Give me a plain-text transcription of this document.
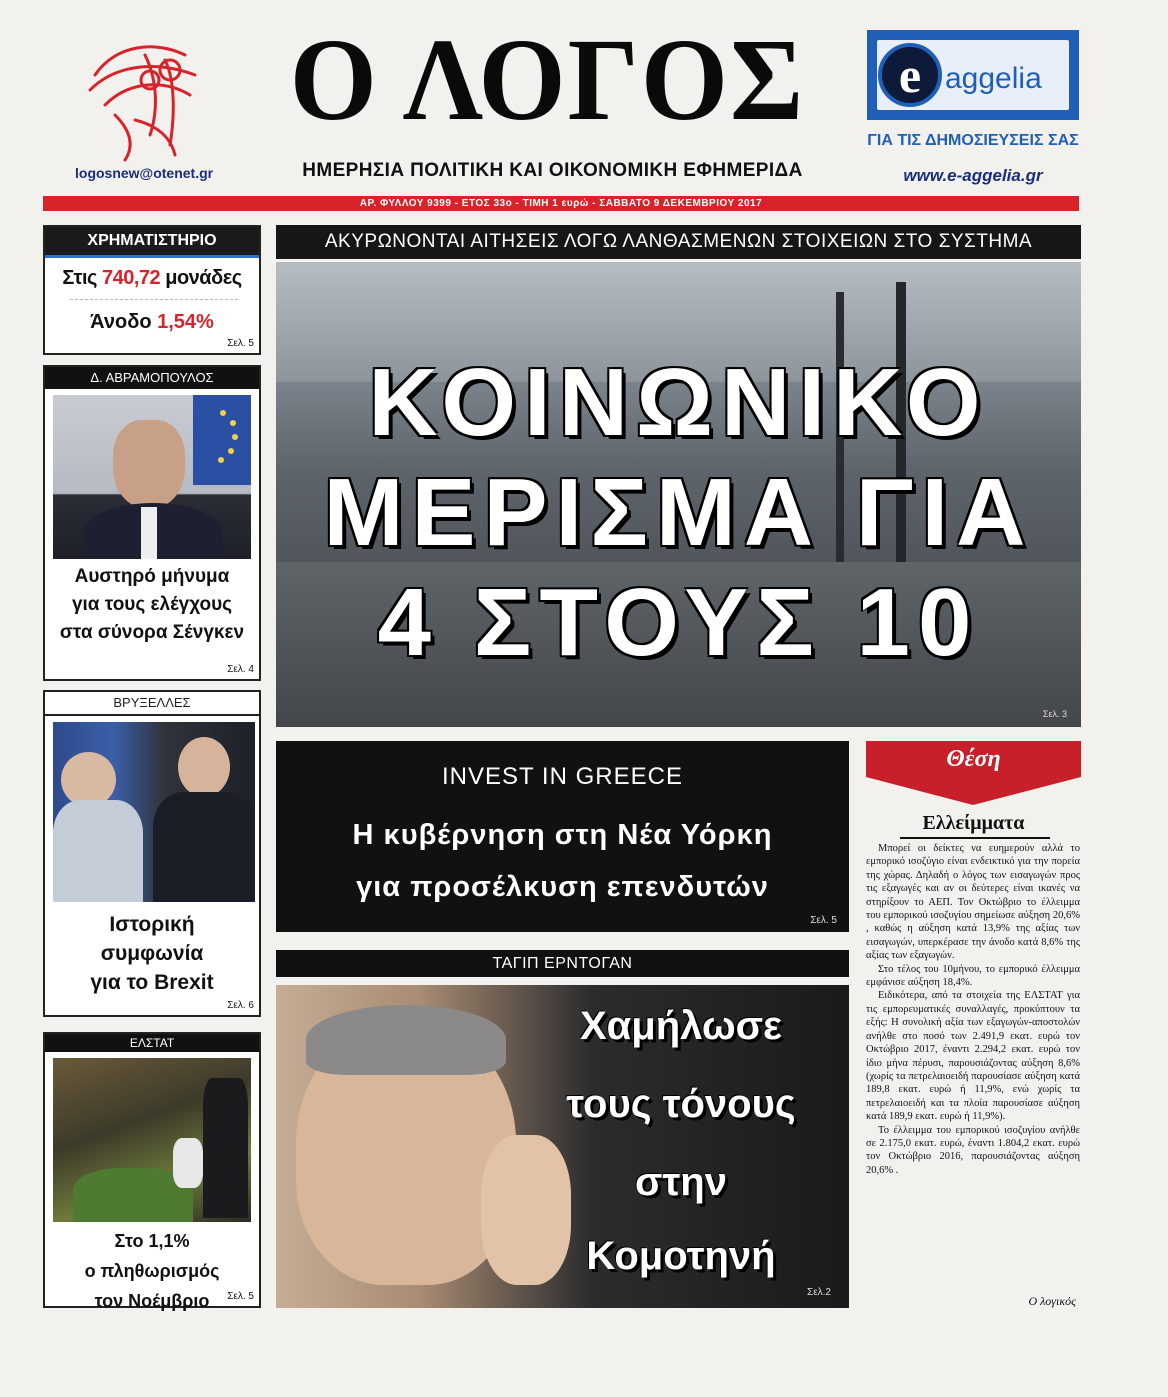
logosnew@otenet.gr
Ο ΛΟΓΟΣ
ΗΜΕΡΗΣΙΑ ΠΟΛΙΤΙΚΗ ΚΑΙ ΟΙΚΟΝΟΜΙΚΗ ΕΦΗΜΕΡΙΔΑ
e aggelia
ΓΙΑ ΤΙΣ ΔΗΜΟΣΙΕΥΣΕΙΣ ΣΑΣ
www.e-aggelia.gr
ΑΡ. ΦΥΛΛΟΥ 9399 - ΕΤΟΣ 33ο - ΤΙΜΗ 1 ευρώ - ΣΑΒΒΑΤΟ 9 ΔΕΚΕΜΒΡΙΟΥ 2017
ΧΡΗΜΑΤΙΣΤΗΡΙΟ
Στις 740,72 μονάδες
Άνοδο 1,54%
Σελ. 5
Δ. ΑΒΡΑΜΟΠΟΥΛΟΣ
Αυστηρό μήνυμα
για τους ελέγχους
στα σύνορα Σένγκεν
Σελ. 4
ΒΡΥΞΕΛΛΕΣ
Ιστορική
συμφωνία
για το Brexit
Σελ. 6
ΕΛΣΤΑΤ
Στο 1,1%
ο πληθωρισμός
τον Νοέμβριο	Σελ. 5
ΑΚΥΡΩΝΟΝΤΑΙ ΑΙΤΗΣΕΙΣ ΛΟΓΩ ΛΑΝΘΑΣΜΕΝΩΝ ΣΤΟΙΧΕΙΩΝ ΣΤΟ ΣΥΣΤΗΜΑ
ΚΟΙΝΩΝΙΚΟ
ΜΕΡΙΣΜΑ ΓΙΑ
4 ΣΤΟΥΣ 10
Σελ. 3
INVEST IN GREECE
Η κυβέρνηση στη Νέα Υόρκη
για προσέλκυση επενδυτών
Σελ. 5
ΤΑΓΙΠ ΕΡΝΤΟΓΑΝ
Χαμήλωσε
τους τόνους
στην
Κομοτηνή
Σελ.2
Θέση
Ελλείμματα

Μπορεί οι δείκτες να ευημερούν αλλά το εμπορικό ισοζύγιο είναι ενδεικτικό για την πορεία της χώρας. Δηλαδή ο λόγος των εισαγωγών προς τις εξαγωγές και αν οι δεύτερες είναι ικανές να στηρίξουν το ΑΕΠ. Τον Οκτώβριο το έλλειμμα του εμπορικού ισοζυγίου σημείωσε αύξηση 20,6% , καθώς η αύξηση κατά 13,9% της αξίας των εισαγωγών, υπερκέρασε την άνοδο κατά 8,6% της αξίας των εξαγωγών.

Στο τέλος του 10μήνου, το εμπορικό έλλειμμα εμφάνισε αύξηση 18,4%.

Ειδικότερα, από τα στοιχεία της ΕΛΣΤΑΤ για τις εμπορευματικές συναλλαγές, προκύπτουν τα εξής: Η συνολική αξία των εξαγωγών-αποστολών ανήλθε στο ποσό των 2.491,9 εκατ. ευρώ τον Οκτώβριο 2017, έναντι 2.294,2 εκατ. ευρώ τον ίδιο μήνα πέρυσι, παρουσιάζοντας αύξηση 8,6% (χωρίς τα πετρελαιοειδή παρουσίασε αύξηση κατά 189,8 εκατ. ευρώ ή 11,9%, ενώ χωρίς τα πετρελαιοειδή και τα πλοία παρουσίασε αύξηση κατά 189,9 εκατ. ευρώ ή 11,9%).

Το έλλειμμα του εμπορικού ισοζυγίου ανήλθε σε 2.175,0 εκατ. ευρώ, έναντι 1.804,2 εκατ. ευρώ τον Οκτώβριο 2016, παρουσιάζοντας αύξηση 20,6% .

Ο λογικός
